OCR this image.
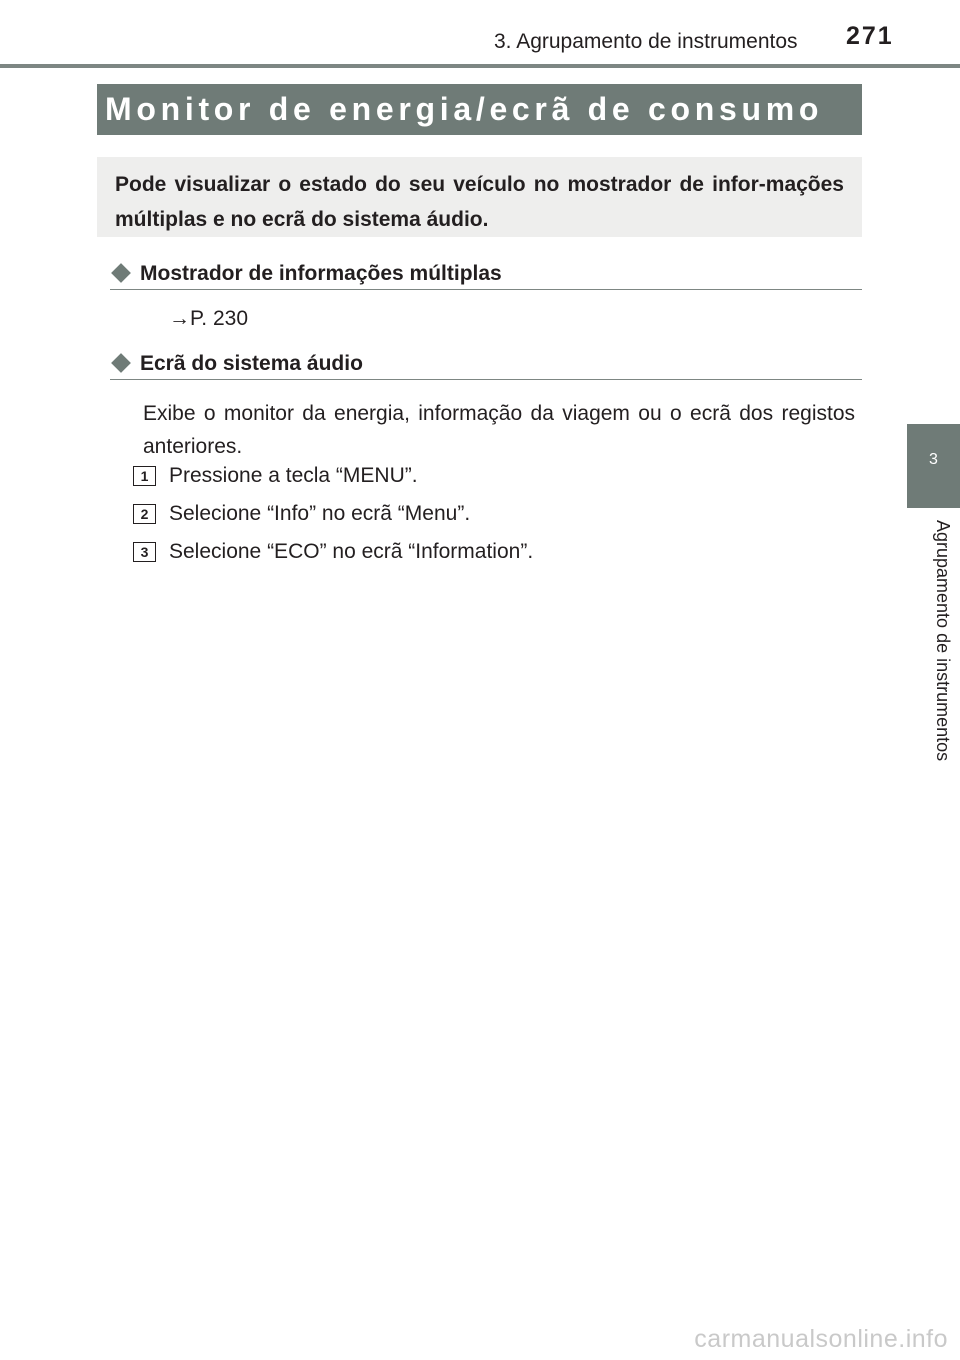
3. Agrupamento de instrumentos 271
Monitor de energia/ecrã de consumo
Pode visualizar o estado do seu veículo no mostrador de infor-mações múltiplas e no ecrã do sistema áudio.
Mostrador de informações múltiplas
→P. 230
Ecrã do sistema áudio
Exibe o monitor da energia, informação da viagem ou o ecrã dos registos anteriores.
1 Pressione a tecla “MENU”.
2 Selecione “Info” no ecrã “Menu”.
3 Selecione “ECO” no ecrã “Information”.
3
Agrupamento de instrumentos
carmanualsonline.info
